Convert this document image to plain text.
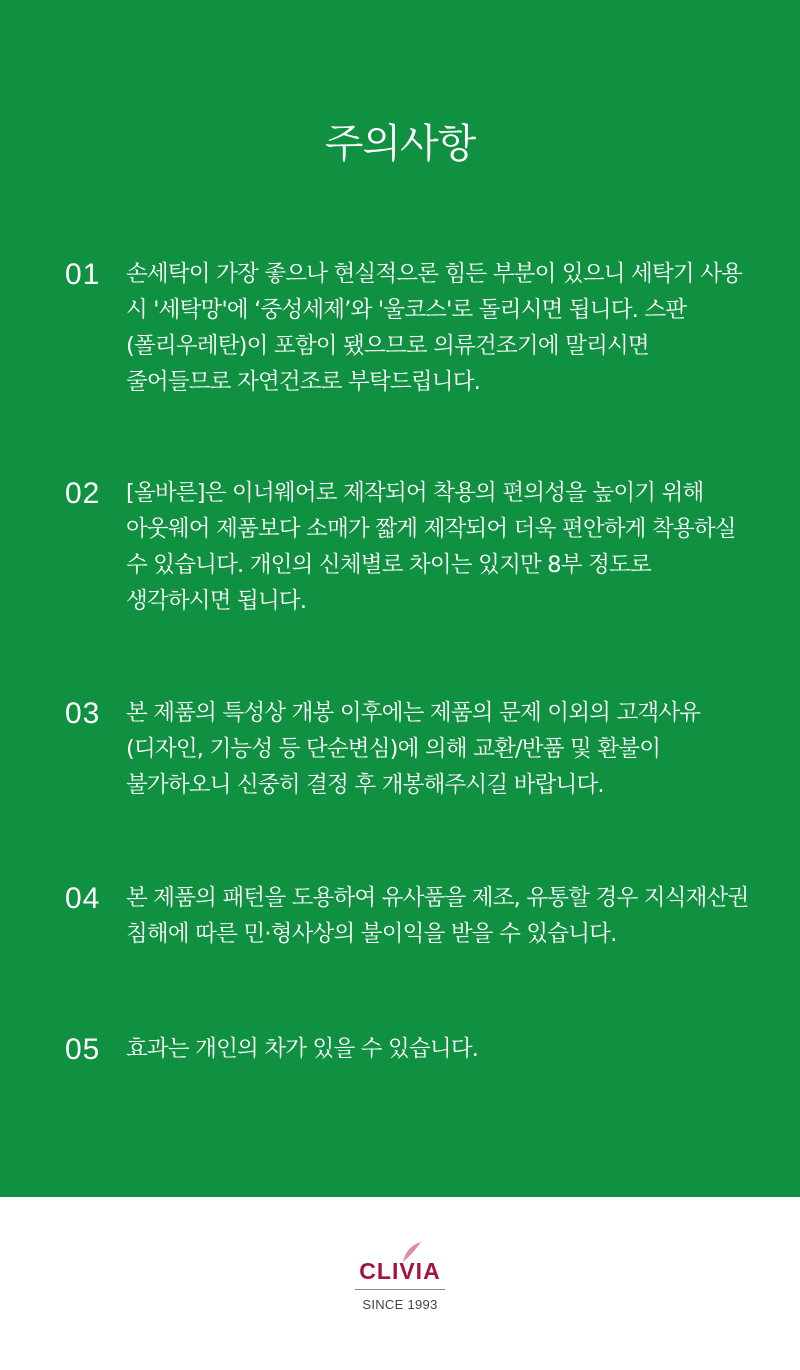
주의사항
01	손세탁이 가장 좋으나 현실적으론 힘든 부분이 있으니 세탁기 사용 시 '세탁망'에 ‘중성세제’와 '울코스'로 돌리시면 됩니다. 스판(폴리우레탄)이 포함이 됐으므로 의류건조기에 말리시면 줄어들므로 자연건조로 부탁드립니다.

02	[올바른]은 이너웨어로 제작되어 착용의 편의성을 높이기 위해 아웃웨어 제품보다 소매가 짧게 제작되어 더욱 편안하게 착용하실 수 있습니다. 개인의 신체별로 차이는 있지만 8부 정도로 생각하시면 됩니다.

03	본 제품의 특성상 개봉 이후에는 제품의 문제 이외의 고객사유 (디자인, 기능성 등 단순변심)에 의해 교환/반품 및 환불이 불가하오니 신중히 결정 후 개봉해주시길 바랍니다.

04	본 제품의 패턴을 도용하여 유사품을 제조, 유통할 경우 지식재산권 침해에 따른 민·형사상의 불이익을 받을 수 있습니다.

05	효과는 개인의 차가 있을 수 있습니다.

CLIVIA
SINCE 1993
